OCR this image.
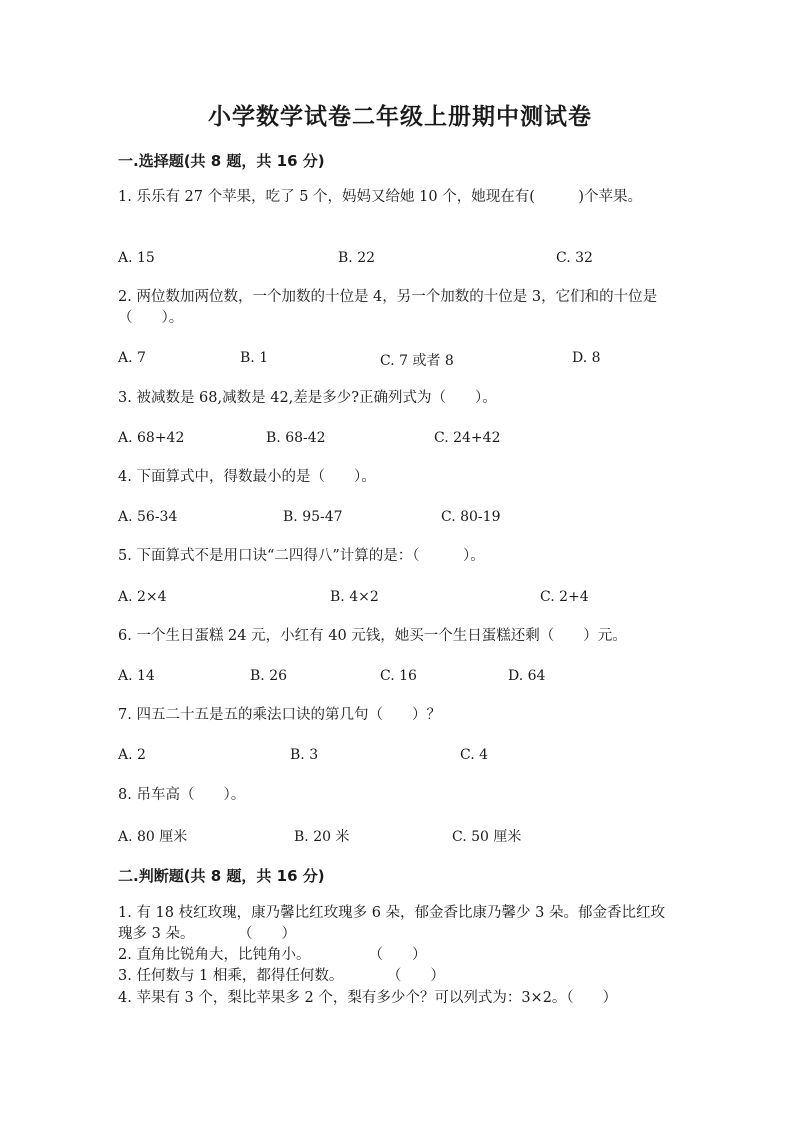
小学数学试卷二年级上册期中测试卷
一.选择题(共 8 题，共 16 分)
1. 乐乐有 27 个苹果，吃了 5 个，妈妈又给她 10 个，她现在有(　　　)个苹果。
A. 15	B. 22	C. 32
2. 两位数加两位数，一个加数的十位是 4，另一个加数的十位是 3，它们和的十位是（　　）。
A. 7	B. 1	C. 7 或者 8	D. 8
3. 被减数是 68,减数是 42,差是多少?正确列式为（　　）。
A. 68+42	B. 68-42	C. 24+42
4. 下面算式中，得数最小的是（　　）。
A. 56-34	B. 95-47	C. 80-19
5. 下面算式不是用口诀“二四得八”计算的是：（　　　）。
A. 2×4	B. 4×2	C. 2+4
6. 一个生日蛋糕 24 元，小红有 40 元钱，她买一个生日蛋糕还剩（　　）元。
A. 14	B. 26	C. 16	D. 64
7. 四五二十五是五的乘法口诀的第几句（　　）？
A. 2	B. 3	C. 4
8. 吊车高（　　）。
A. 80 厘米	B. 20 米	C. 50 厘米
二.判断题(共 8 题，共 16 分)
1. 有 18 枝红玫瑰，康乃馨比红玫瑰多 6 朵，郁金香比康乃馨少 3 朵。郁金香比红玫瑰多 3 朵。　　　　（　　）
2. 直角比锐角大，比钝角小。　　　　　（　　）
3. 任何数与 1 相乘，都得任何数。　　　　（　　）
4. 苹果有 3 个，梨比苹果多 2 个，梨有多少个？可以列式为：3×2。（　　）
